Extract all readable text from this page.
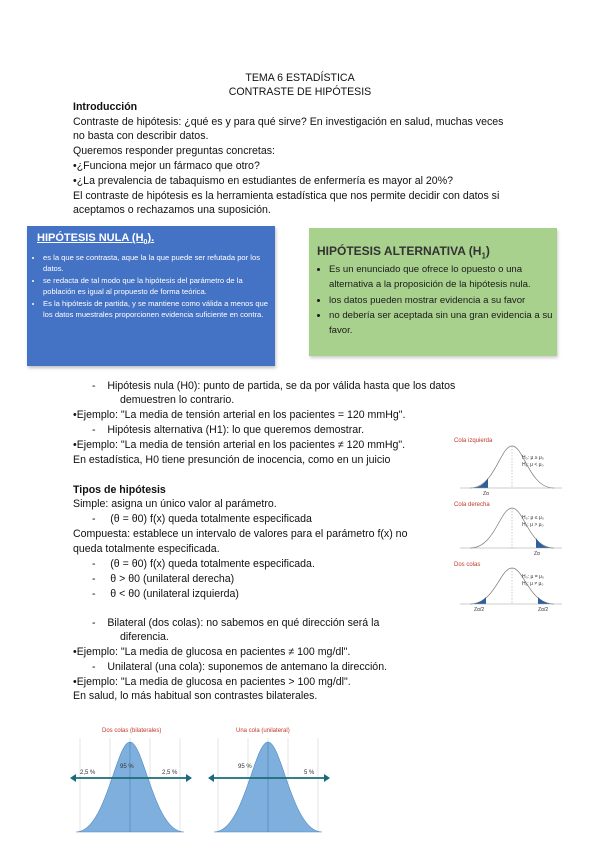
TEMA 6 ESTADÍSTICA
CONTRASTE DE HIPÓTESIS
Introducción
Contraste de hipótesis: ¿qué es y para qué sirve? En investigación en salud, muchas veces
no basta con describir datos.
Queremos responder preguntas concretas:
•¿Funciona mejor un fármaco que otro?
•¿La prevalencia de tabaquismo en estudiantes de enfermería es mayor al 20%?
El contraste de hipótesis es la herramienta estadística que nos permite decidir con datos si
aceptamos o rechazamos una suposición.
HIPÓTESIS NULA $(H_0)$.
• es la que se contrasta, aque la la que puede ser refutada por los datos.
• se redacta de tal modo que la hipótesis del parámetro de la población es igual al propuesto de forma teórica.
• Es la hipótesis de partida, y se mantiene como válida a menos que los datos muestrales proporcionen evidencia suficiente en contra.
HIPÓTESIS ALTERNATIVA $(H_1)$
• Es un enunciado que ofrece lo opuesto o una alternativa a la proposición de la hipótesis nula.
• los datos pueden mostrar evidencia a su favor
• no debería ser aceptada sin una gran evidencia a su favor.
-    Hipótesis nula (H0): punto de partida, se da por válida hasta que los datos
demuestren lo contrario.
•Ejemplo: "La media de tensión arterial en los pacientes = 120 mmHg".
-    Hipótesis alternativa (H1): lo que queremos demostrar.
•Ejemplo: "La media de tensión arterial en los pacientes ≠ 120 mmHg".
En estadística, H0 tiene presunción de inocencia, como en un juicio
Tipos de hipótesis
Simple: asigna un único valor al parámetro.
-     (θ = θ0) f(x) queda totalmente especificada
Compuesta: establece un intervalo de valores para el parámetro f(x) no
queda totalmente especificada.
-     (θ = θ0) f(x) queda totalmente especificada.
-     θ > θ0 (unilateral derecha)
-     θ < θ0 (unilateral izquierda)
-    Bilateral (dos colas): no sabemos en qué dirección será la
diferencia.
•Ejemplo: "La media de glucosa en pacientes ≠ 100 mg/dl".
-    Unilateral (una cola): suponemos de antemano la dirección.
•Ejemplo: "La media de glucosa en pacientes > 100 mg/dl".
En salud, lo más habitual son contrastes bilaterales.
Cola izquierda
H₀: μ ≥ μ₀
H₁: μ < μ₀
Zα
Cola derecha
H₀: μ ≤ μ₀
H₁: μ > μ₀
Zα
Dos colas
H₀: μ = μ₀
H₁: μ ≠ μ₀
Zα/2	Zα/2
Dos colas (bilaterales)
2,5 %
95 %
2,5 %
Una cola (unilateral)
95 %
5 %
